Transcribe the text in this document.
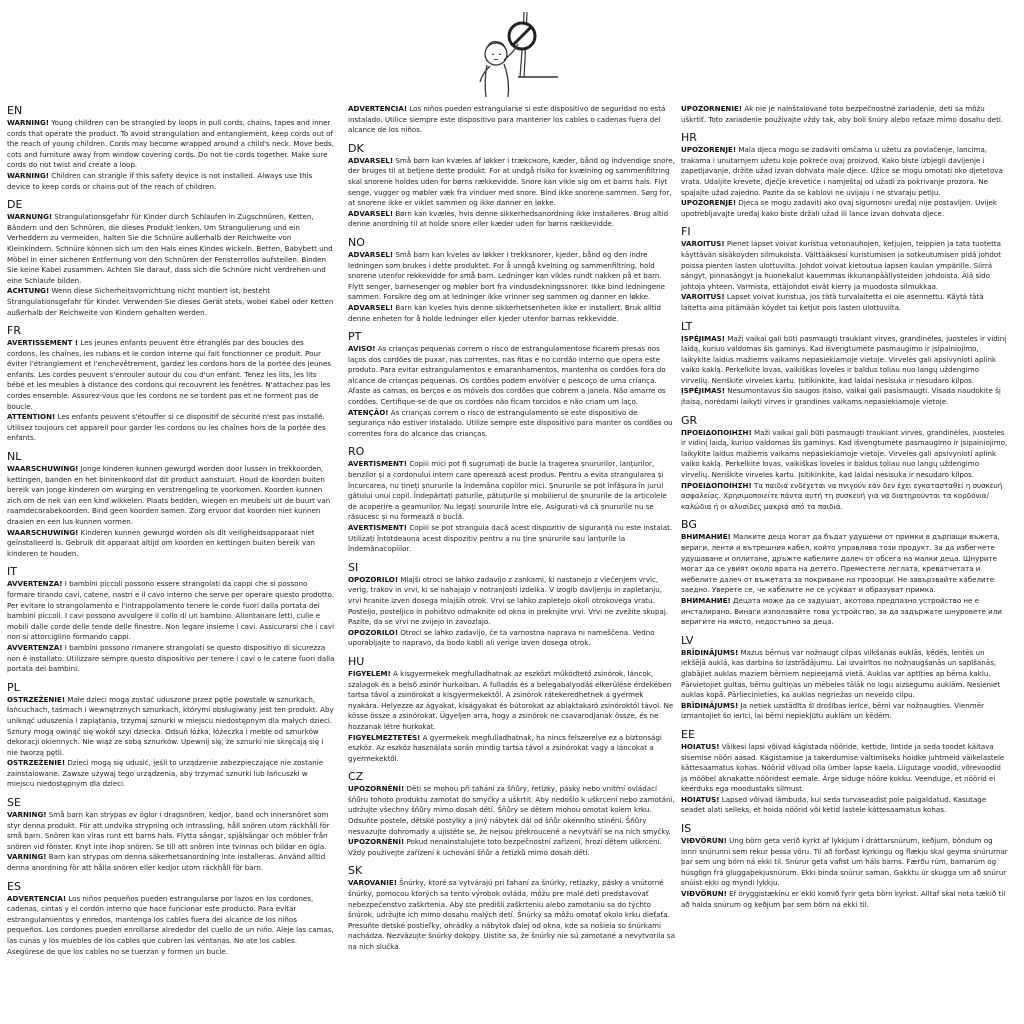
EN

WARNING! Young children can be strangled by loops in pull cords, chains, tapes and inner cords that operate the product. To avoid strangulation and entanglement, keep cords out of the reach of young children. Cords may become wrapped around a child's neck. Move beds, cots and furniture away from window covering cords. Do not tie cords together. Make sure cords do not twist and create a loop.

WARNING! Children can strangle if this safety device is not installed. Always use this device to keep cords or chains out of the reach of children.

DE

WARNUNG! Strangulationsgefahr für Kinder durch Schlaufen in Zugschnüren, Ketten, Bändern und den Schnüren, die dieses Produkt lenken. Um Strangulierung und ein Verheddern zu vermeiden, halten Sie die Schnüre außerhalb der Reichweite von Kleinkindern. Schnüre können sich um den Hals eines Kindes wickeln. Betten, Babybett und Möbel in einer sicheren Entfernung von den Schnüren der Fensterrollos aufstellen. Binden Sie keine Kabel zusammen. Achten Sie darauf, dass sich die Schnüre nicht verdrehen und eine Schlaufe bilden.

ACHTUNG! Wenn diese Sicherheitsvorrichtung nicht montiert ist, besteht Strangulationsgefahr für Kinder. Verwenden Sie dieses Gerät stets, wobei Kabel oder Ketten außerhalb der Reichweite von Kindern gehalten werden.

FR

AVERTISSEMENT ! Les jeunes enfants peuvent être étranglés par des boucles des cordons, les chaînes, les rubans et le cordon interne qui fait fonctionner ce produit. Pour éviter l'étranglement et l'enchevêtrement, gardez les cordons hors de la portée des jeunes enfants. Les cordes peuvent s'enrouler autour du cou d'un enfant. Tenez les lits, les lits bébé et les meubles à distance des cordons qui recouvrent les fenêtres. N'attachez pas les cordes ensemble. Assurez-vous que les cordons ne se tordent pas et ne forment pas de boucle.

ATTENTION! Les enfants peuvent s'étouffer si ce dispositif de sécurité n'est pas installé. Utilisez toujours cet appareil pour garder les cordons ou les chaînes hors de la portée des enfants.

NL

WAARSCHUWING! Jonge kinderen kunnen gewurgd worden door lussen in trekkoorden, kettingen, banden en het binnenkoord dat dit product aanstuurt. Houd de koorden buiten bereik van jonge kinderen om wurging en verstrengeling te voorkomen. Koorden kunnen zich om de nek van een kind wikkelen. Plaats bedden, wiegen en meubels uit de buurt van raamdecorabekoorden. Bind geen koorden samen. Zorg ervoor dat koorden niet kunnen draaien en een lus kunnen vormen.

WAARSCHUWING! Kinderen kunnen gewurgd worden als dit veiligheidsapparaat niet geïnstalleerd is. Gebruik dit apparaat altijd om koorden en kettingen buiten bereik van kinderen te houden.

IT

AVVERTENZA! I bambini piccoli possono essere strangolati da cappi che si possono formare tirando cavi, catene, nastri e il cavo interno che serve per operare questo prodotto. Per evitare lo strangolamento e l'intrappolamento tenere le corde fuori dalla portata dei bambini piccoli. I cavi possono avvolgere il collo di un bambino. Allontanare letti, culle e mobili dalle corde delle tende delle finestre. Non legare insieme i cavi. Assicurarsi che i cavi non si attorciglino formando cappi.

AVVERTENZA! I bambini possono rimanere strangolati se questo dispositivo di sicurezza non è installato. Utilizzare sempre questo dispositivo per tenere i cavi o le catene fuori dalla portata dei bambini.

PL

OSTRZEŻENIE! Małe dzieci mogą zostać uduszone przez pętle powstałe w sznurkach, łańcuchach, taśmach i wewnętrznych sznurkach, którymi obsługiwany jest ten produkt. Aby uniknąć uduszenia i zaplątania, trzymaj sznurki w miejscu niedostępnym dla małych dzieci. Sznury mogą owinąć się wokół szyi dziecka. Odsuń łóżka, łóżeczka i meble od sznurków dekoracji okiennych. Nie wiąż ze sobą sznurków. Upewnij się, że sznurki nie skręcają się i nie tworzą pętli.

OSTRZEŻENIE! Dzieci mogą się udusić, jeśli to urządzenie zabezpieczające nie zostanie zainstalowane. Zawsze używaj tego urządzenia, aby trzymać sznurki lub łańcuszki w miejscu niedostępnym dla dzieci.

SE

VARNING! Små barn kan strypas av öglor i dragsnören, kedjor, band och innersnöret som styr denna produkt. För att undvika strypning och intrassling, håll snören utom räckhåll för små barn. Snören kan viras runt ett barns hals. Flytta sängar, spjälsängar och möbler från snören vid fönster. Knyt inte ihop snören. Se till att snören inte tvinnas och bildar en ögla.

VARNING! Barn kan strypas om denna säkerhetsanordning inte installeras. Använd alltid denna anordning för att hålla snören eller kedjor utom räckhåll för barn.

ES

ADVERTENCIA! Los niños pequeños pueden estrangularse por lazos en los cordones, cadenas, cintas y el cordón interno que hace funcionar este producto. Para evitar estrangulamientos y enredos, mantenga los cables fuera del alcance de los niños pequeños. Los cordones pueden enrollarse alrededor del cuello de un niño. Aleje las camas, las cunas y los muebles de los cables que cubren las ventanas. No ate los cables. Asegúrese de que los cables no se tuerzan y formen un bucle.

ADVERTENCIA! Los niños pueden estrangularse si este dispositivo de seguridad no está instalado. Utilice siempre este dispositivo para mantener los cables o cadenas fuera del alcance de los niños.

DK

ADVARSEL! Små børn kan kvæles af løkker i trækснore, kæder, bånd og indvendige snore, der bruges til at betjene dette produkt. For at undgå risiko for kvælning og sammenfiltring skal snorene holdes uden for børns rækkevidde. Snore kan vikle sig om et barns hals. Flyt senge, vugger og møbler væk fra vinduer med snore. Bind ikke snorene sammen. Sørg for, at snorene ikke er viklet sammen og ikke danner en løkke.

ADVARSEL! Børn kan kvæles, hvis denne sikkerhedsanordning ikke installeres. Brug altid denne anordning til at holde snore eller kæder uden for børns rækkevidde.

NO

ADVARSEL! Små barn kan kveles av løkker i trekksnorer, kjeder, bånd og den indre ledningen som brukes i dette produktet. For å unngå kvelning og sammenfiltring, hold snorene utenfor rekkevidde for små barn. Ledninger kan vikles rundt nakken på et barn. Flytt senger, barnesenger og møbler bort fra vindusdekningssnorer. Ikke bind ledningene sammen. Forsikre deg om at ledninger ikke vrinner seg sammen og danner en løkke.

ADVARSEL! Barn kan kveles hvis denne sikkerhetsenheten ikke er installert. Bruk alltid denne enheten for å holde ledninger eller kjeder utenfor barnas rekkevidde.

PT

AVISO! As crianças pequenas correm o risco de estrangulamentose ficarem presas nos laços dos cordões de puxar, nas correntes, nas fitas e no cordão interno que opera este produto. Para evitar estrangulamentos e emaranhamentos, mantenha os cordões fora do alcance de crianças pequenas. Os cordões podem envolver o pescoço de uma criança. Afaste as camas, os berços e os móveis dos cordões que cobrem a janela. Não amarre os cordões. Certifique-se de que os cordões não ficam torcidos e não criam um laço.

ATENÇÃO! As crianças correm o risco de estrangulamento se este dispositivo de segurança não estiver instalado. Utilize sempre este dispositivo para manter os cordões ou correntes fora do alcance das crianças.

RO

AVERTISMENT! Copiii mici pot fi sugrumați de bucle la tragerea șnururilor, lanțurilor, benzilor și a cordonului intern care operează acest produs. Pentru a evita strangularea și încurcarea, nu țineți șnururile la îndemâna copiilor mici. Șnururile se pot înfășura în jurul gâtului unui copil. Îndepărtați paturile, pătuțurile și mobilierul de șnururile de la articolele de acoperire a geamurilor. Nu legați șnururile între ele. Asigurați-vă că șnururile nu se răsucesc și nu formează o buclă.

AVERTISMENT! Copiii se pot strangula dacă acest dispozitiv de siguranță nu este instalat. Utilizați întotdeauna acest dispozitiv pentru a nu ține șnururile sau lanțurile la îndemânacopiilor.

SI

OPOZORILO! Mlajši otroci se lahko zadavijo z zankami, ki nastanejo z vlečenjem vrvic, verig, trakov in vrvi, ki se nahajajo v notranjosti izdelka. V izogib davljenju in zapletanju, vrvi hranite izven dosega mlajših otrok. Vrvi se lahko zapletejo okoli otrokovega vratu. Posteljo, posteljico in pohištvo odmaknite od okna in preknjite vrvi. Vrvi ne zvežite skupaj. Pazite, da se vrvi ne zvijejo in zavozlajo.

OPOZORILO! Otroci se lahko zadavijo, če ta varnostna naprava ni nameščena. Vedno uporabljajte to napravo, da bodo kabli ali verige izven dosega otrok.

HU

FIGYELEM! A kisgyermekek megfulladhatnak az eszközt működtető zsinórok, láncok, szalagok és a belső zsinór hurkaiban. A fulladás és a belegabalyodás elkerülése érdekében tartsa távol a zsinórokat a kisgyermekektől. A zsinórok rátekeredhetnek a gyermek nyakára. Helyezze az ágyakat, kiságyakat és bútorokat az ablaktakaró zsinóroktól távol. Ne kösse össze a zsinórokat. Ügyeljen arra, hogy a zsinórok ne csavarodjanak össze, és ne hozzanak létre hurkokat.

FIGYELMEZTETÉS! A gyermekek megfulladhatnak, ha nincs felszerelve ez a biztonsági eszköz. Az eszköz használata során mindig tartsa távol a zsinórokat vagy a láncokat a gyermekektől.

CZ

UPOZORNĚNÍ! Děti se mohou při tahání za šňůry, řetízky, pásky nebo vnitřní ovládací šňůru tohoto produktu zamotat do smyčky a uškrtit. Aby nedošlo k uškrcení nebo zamotání, udržujte všechny šňůry mimo dosah dětí. Šňůry se dětem mohou omotat kolem krku. Odsuňte postele, dětské postýlky a jiný nábytek dál od šňůr okenního stínění. Šňůry nesvazujte dohromady a ujistěte se, že nejsou překroucené a nevytváří se na nich smyčky.

UPOZORNĚNÍ! Pokud nenainstalujete toto bezpečnostní zařízení, hrozí dětem uškrcení. Vždy používejte zařízení k uchování šňůr a řetízků mimo dosah dětí.

SK

VAROVANIE! Šnúrky, ktoré sa vytvárajú pri ťahaní za šnúrky, retiazky, pásky a vnútorné šnúrky, pomocou ktorých sa tento výrobok ovláda, môžu pre malé deti predstavovať nebezpečenstvo zaškrtenia. Aby ste predišli zaškrteniu alebo zamotaniu sa do týchto šnúrok, udržujte ich mimo dosahu malých detí. Šnúrky sa môžu omotať okolo krku dieťaťa. Presuňte detské postieľky, ohrádky a nábytok ďalej od okna, kde sa nošieia so šnúrkami nachádza. Nezväzujte šnúrky dokopy. Uistite sa, že šnúrky nie sú zamotané a nevytvorila sa na nich slučka.

UPOZORNENIE! Ak nie je nainštalované toto bezpečnostné zariadenie, deti sa môžu uškrtiť. Toto zariadenie používajte vždy tak, aby boli šnúry alebo reťaze mimo dosahu detí.

HR

UPOZORENJE! Mala djeca mogu se zadaviti omčama u užetu za povlačenje, lancima, trakama i unutarnjem užetu koje pokreće ovaj proizvod. Kako biste izbjegli davljenje i zapetljavanje, držite užad izvan dohvata male djece. Užice se mogu omotati oko djetetova vrata. Udaljite krevete, dječje krevetiće i namještaj od užadi za pokrivanje prozora. Ne spajajte užad zajedno. Pazite da se kablovi ne uvijaju i ne stvaraju petlju.

UPOZORENJE! Djeca se mogu zadaviti ako ovaj sigurnosni uređaj nije postavljen. Uvijek upotrebljavajte uređaj kako biste držali užad ili lance izvan dohvata djece.

FI

VAROITUS! Pienet lapset voivat kuristua vetonauhojen, ketjujen, teippien ja tata tuotetta käyttävän sisäkoyden silmukoista. Välttääksesi kuristumisen ja sotkeutumisen pidä johdot poissa pienten lasten ulottuvilta. Johdot voivat kietoutua lapsen kaulan ympärille. Siirrä sängyt, pinnasängyt ja huonekalut kauemmas ikkunanpäällysteiden johdoista. Älä sido johtoja yhteen. Varmista, ettäjohdot eivät kierry ja muodosta silmukkaa.

VAROITUS! Lapset voivat kuristua, jos tätä turvalaitetta ei ole asennettu. Käytä tätä laitetta aina pitämään köydet tai ketjut pois lasten ulottuvilta.

LT

ĮSPĖJIMAS! Maži vaikai gali būti pasmaugti traukiant virves, grandinėles, juosteles ir vidinį laidą, kuriuo valdomas šis gaminys. Kad išvengtumėte pasmaugimo ir įsipainiojimo, laikykite laidus mažiems vaikams nepasiekiamoje vietoje. Virvelės gali apsivynioti aplink vaiko kaklą. Perkelkite lovas, vaikiškas loveles ir baldus toliau nuo langų uždengimo virvelių. Neriškite virveles kartu. Įsitikinkite, kad laidai nesisuka ir nesudaro kilpos.

ĮSPĖJIMAS! Nesumontavus šio saugos įtaiso, vaikai gali pasismaugti. Visada naudokite šį įtaisą, norėdami laikyti virves ir grandines vaikams nepasiekiamoje vietoje.

GR

ΠΡΟΕΙΔΟΠΟΙΗΣΗ! Maži vaikai gali būti pasmaugti traukiant virves, grandinėles, juosteles ir vidinį laidą, kuriuo valdomas šis gaminys. Kad išvengtumėte pasmaugimo ir įsipainiojimo, laikykite laidus mažiems vaikams nepasiekiamoje vietoje. Virvelės gali apsivynioti aplink vaiko kaklą. Perkelkite lovas, vaikiškas loveles ir baldus toliau nuo langų uždengimo virvelių. Neriškite virveles kartu. Įsitikinkite, kad laidai nesisuka ir nesudaro kilpos.

ΠΡΟΕΙΔΟΠΟΙΗΣΗ! Τα παιδιά ενδέχεται να πνιγούν εάν δεν έχει εγκατασταθεί η συσκευή ασφαλείας. Χρησιμοποιείτε πάντα αυτή τη συσκευή για να διατηρούνται τα κορδόνια/καλώδια ή οι αλυσίδες μακριά από τα παιδιά.

BG

ВНИМАНИЕ! Малките деца могат да бъдат удушени от примки в дърпащи въжета, вериги, ленти и вътрешния кабел, който управлява този продукт. За да избегнете удушаване и оплитане, дръжте кабелите далеч от обсега на малки деца. Шнурите могат да се увият около врата на детето. Преместете леглата, креватчетата и мебелите далеч от въжетата за покриване на прозорци. Не завързвайте кабелите заедно. Уверете се, че кабелите не се усукват и образуват примка.

ВНИМАНИЕ! Децата може да се задушат, акотова предпазно устройство не е инсталирано. Винаги използвайте това устройство, за да задържате шнуровете или веригите на място, недостъпно за деца.

LV

BRĪDINĀJUMS! Mazus bērnus var nožņaugt cilpas vilkšanas auklās, ķēdēs, lentēs un iekšējā auklā, kas darbina šo izstrādājumu. Lai izvairītos no nožņaugšanās un sapīšanās, glabājiet auklas maziem bērniem nepieejamā vietā. Auklas var aptīties ap bērna kaklu. Pārvietojiet gultas, bērnu gultiņas un mēbeles tālāk no logu aizsegumu auklām. Nesieniet auklas kopā. Pārliecinieties, ka auklas negriežas un neveido cilpu.

BRĪDINĀJUMS! Ja netiek uzstādīta šī drošības ierīce, bērni var nožņaugties. Vienmēr izmantojiet šo ierīci, lai bērni nepiekļūtu auklām un ķēdēm.

EE

HOIATUS! Väikesi lapsi võivad kägistada nööride, kettide, lintide ja seda toodet käitava sisemise nööri aasad. Kägistamise ja takerdumise vältimiseks hoidke juhtmeid väikelastele kättesaamatus kohas. Nöörid võivad olla ümber lapse kaela. Liigutage voodid, võrevoodid ja mööbel aknakatte nööridest eemale. Ärge siduge nööre kokku. Veenduge, et nöörid ei keerduks ega moodustaks silmust.

HOIATUS! Lapsed võivad lämbuda, kui seda turvaseadist pole paigaldatud. Kasutage seadet alati selleks, et hoida nöörid või ketid lastele kättesaamatus kohas.

IS

VIÐVÖRUN! Ung börn geta verið kyrkt af lykkjum í dráttarsnúrum, keðjum, böndum og innri snúrunni sem rekur þessa vöru. Til að forðast kyrkingu og flækju skal geyma snúrurnar þar sem ung börn ná ekki til. Snúrur geta vafist um háls barns. Færðu rúm, barnarúm og húsgögn frá gluggaþekjusnúrum. Ekki binda snúrur saman. Gakktu úr skugga um að snúrur snúist ekki og myndi lykkju.

VIÐVÖRUN! Ef öryggistækinu er ekki komið fyrir geta börn kyrkst. Alltaf skal nota tækið til að halda snúrum og keðjum þar sem börn ná ekki til.
